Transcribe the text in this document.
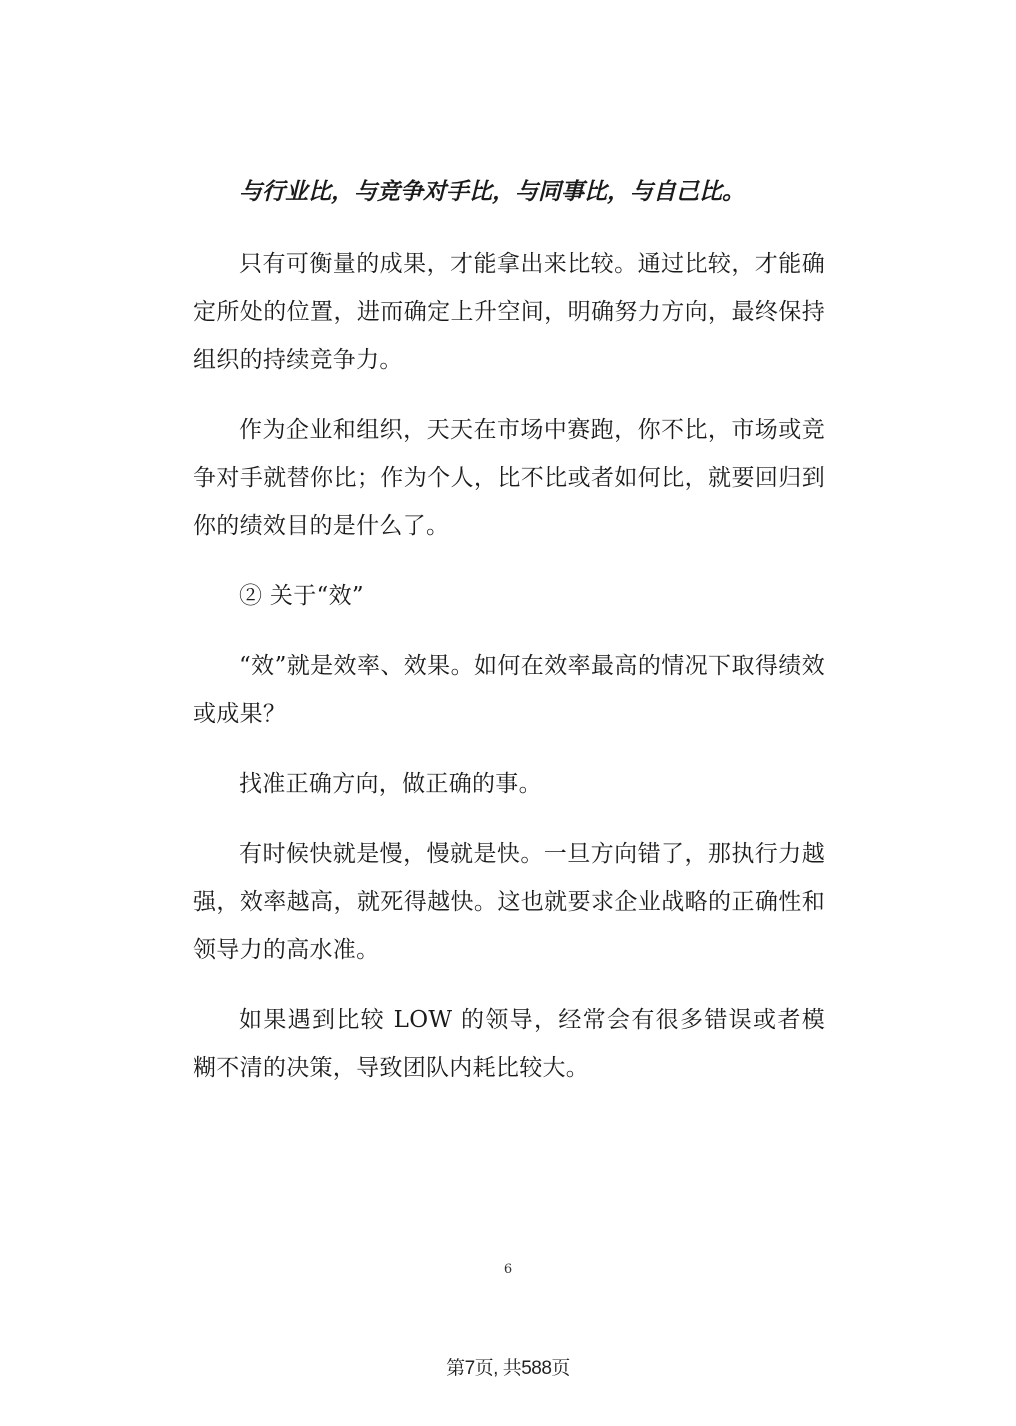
与行业比，与竞争对手比，与同事比，与自己比。

只有可衡量的成果，才能拿出来比较。通过比较，才能确定所处的位置，进而确定上升空间，明确努力方向，最终保持组织的持续竞争力。

作为企业和组织，天天在市场中赛跑，你不比，市场或竞争对手就替你比；作为个人，比不比或者如何比，就要回归到你的绩效目的是什么了。

② 关于“效”

“效”就是效率、效果。如何在效率最高的情况下取得绩效或成果？

找准正确方向，做正确的事。

有时候快就是慢，慢就是快。一旦方向错了，那执行力越强，效率越高，就死得越快。这也就要求企业战略的正确性和领导力的高水准。

如果遇到比较 LOW 的领导，经常会有很多错误或者模糊不清的决策，导致团队内耗比较大。

6
第7页, 共588页
